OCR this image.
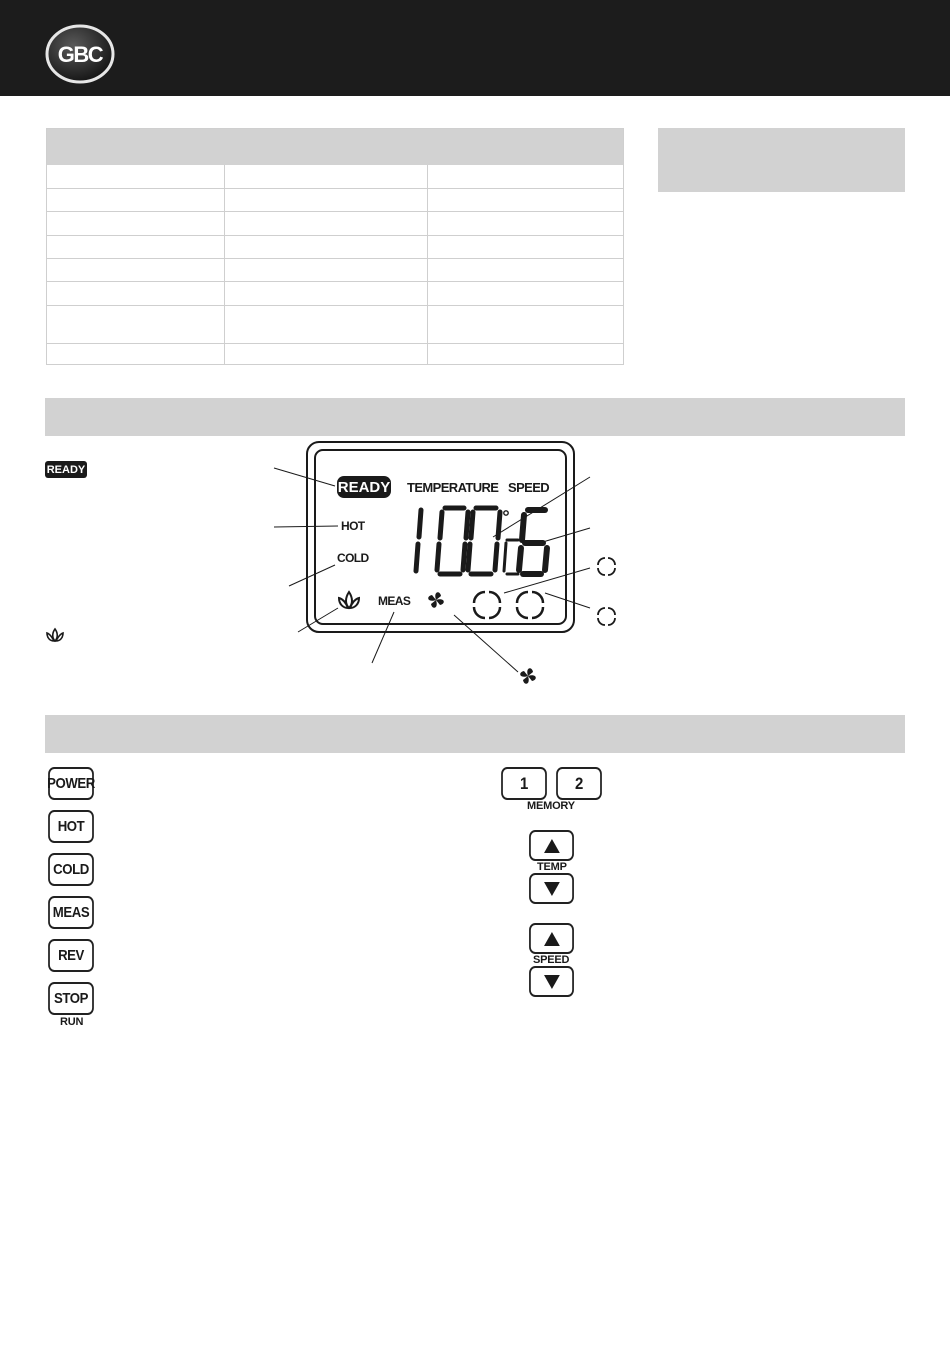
GBC
READY
READY TEMPERATURE SPEED
HOT
COLD
MEAS
POWER
HOT
COLD
MEAS
REV
STOP
RUN
1	2
MEMORY
TEMP
SPEED
